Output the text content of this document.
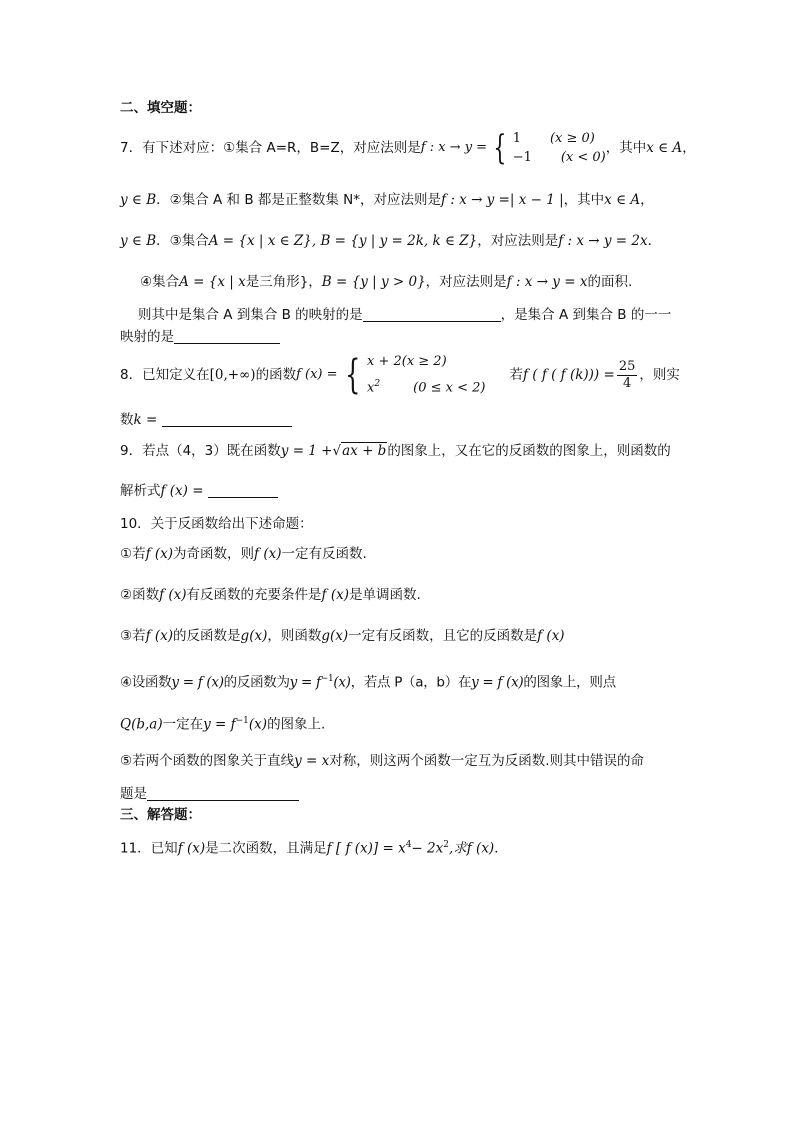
二、填空题：
7． 有下述对应：①集合 A=R，B=Z，对应法则是 f : x → y = { 1 (x ≥ 0)
−1 (x < 0)
，其中 x ∈ A ，
y ∈ B．②集合 A 和 B 都是正整数集 N*，对应法则是f : x → y =| x − 1 |，其中x ∈ A，
y ∈ B．③集合A = {x | x ∈ Z}, B = {y | y = 2k, k ∈ Z}，对应法则是f : x → y = 2x．
④集合A = {x | x是三角形}，B = {y | y > 0}，对应法则是f : x → y = x的面积.
则其中是集合 A 到集合 B 的映射的是	，是集合 A 到集合 B 的一一
映射的是
8． 已知定义在 [0,+∞) 的函数 f (x) = { x + 2(x ≥ 2)
$x^2$	(0 ≤ x < 2)
若 f ( f ( f $(k))) = \frac{25}{4}$ ，则实
数k =
9．若点（4，3）既在函数y = 1 +√ax + b的图象上，又在它的反函数的图象上，则函数的
解析式f (x) =
10．关于反函数给出下述命题：
①若f (x)为奇函数，则f (x)一定有反函数.
②函数f (x)有反函数的充要条件是f (x)是单调函数.
③若f (x)的反函数是g(x)，则函数g(x)一定有反函数，且它的反函数是f (x)
④设函数y = f (x)的反函数为$y = f^{-1}(x)$，若点 P（a，b）在y = f (x)的图象上，则点
Q(b,a)一定在$y = f^{-1}(x)$的图象上.
⑤若两个函数的图象关于直线y = x对称，则这两个函数一定互为反函数.则其中错误的命
题是
三、解答题：
11．已知f (x)是二次函数，且满足f [ f $(x)] = x^4- 2x^2$,求f (x)．
